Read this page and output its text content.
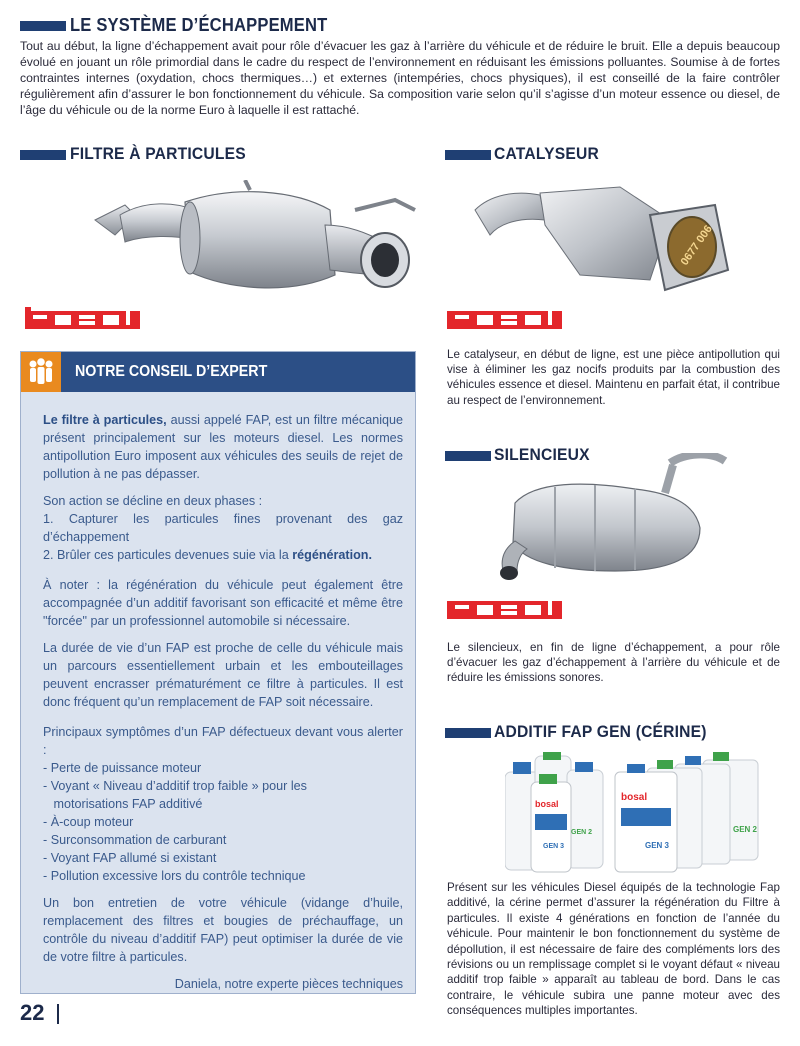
LE SYSTÈME D’ÉCHAPPEMENT
Tout au début, la ligne d’échappement avait pour rôle d’évacuer les gaz à l’arrière du véhicule et de réduire le bruit. Elle a depuis beaucoup évolué en jouant un rôle primordial dans le cadre du respect de l’environnement en réduisant les émissions polluantes. Soumise à de fortes contraintes internes (oxydation, chocs thermiques…) et externes (intempéries, chocs physiques), il est conseillé de la faire contrôler régulièrement afin d’assurer le bon fonctionnement du véhicule. Sa composition varie selon qu’il s’agisse d’un moteur essence ou diesel, de l’âge du véhicule ou de la norme Euro à laquelle il est rattaché.
FILTRE À PARTICULES	CATALYSEUR
0677 006
Le catalyseur, en début de ligne, est une pièce antipollution qui vise à éliminer les gaz nocifs produits par la combustion des véhicules essence et diesel. Maintenu en parfait état, il contribue au respect de l’environnement.
NOTRE CONSEIL D’EXPERT

Le filtre à particules, aussi appelé FAP, est un filtre mécanique présent principalement sur les moteurs diesel. Les normes antipollution Euro imposent aux véhicules des seuils de rejet de pollution à ne pas dépasser.

Son action se décline en deux phases :
1. Capturer les particules fines provenant des gaz d’échappement
2. Brûler ces particules devenues suie via la régénération.

À noter : la régénération du véhicule peut également être accompagnée d’un additif favorisant son efficacité et même être "forcée" par un professionnel automobile si nécessaire.

La durée de vie d’un FAP est proche de celle du véhicule mais un parcours essentiellement urbain et les embouteillages peuvent encrasser prématurément ce filtre à particules. Il est donc fréquent qu’un remplacement de FAP soit nécessaire.

Principaux symptômes d’un FAP défectueux devant vous alerter :

- Perte de puissance moteur
- Voyant « Niveau d’additif trop faible » pour les
motorisations FAP additivé
- À-coup moteur
- Surconsommation de carburant
- Voyant FAP allumé si existant
- Pollution excessive lors du contrôle technique

Un bon entretien de votre véhicule (vidange d’huile, remplacement des filtres et bougies de préchauffage, un contrôle du niveau d’additif FAP) peut optimiser la durée de vie de votre filtre à particules.

Daniela, notre experte pièces techniques

SILENCIEUX
Le silencieux, en fin de ligne d’échappement, a pour rôle d’évacuer les gaz d’échappement à l’arrière du véhicule et de réduire les émissions sonores.
ADDITIF FAP GEN (CÉRINE)
bosal
GEN 3
GEN 2
bosal
GEN 3
GEN 2
Présent sur les véhicules Diesel équipés de la technologie Fap additivé, la cérine permet d’assurer la régénération du Filtre à particules. Il existe 4 générations en fonction de l’année du véhicule. Pour maintenir le bon fonctionnement du système de dépollution, il est nécessaire de faire des compléments lors des révisions ou un remplissage complet si le voyant défaut « niveau additif trop faible » apparaît au tableau de bord. Dans le cas contraire, le véhicule subira une panne moteur avec des conséquences multiples importantes.
22
